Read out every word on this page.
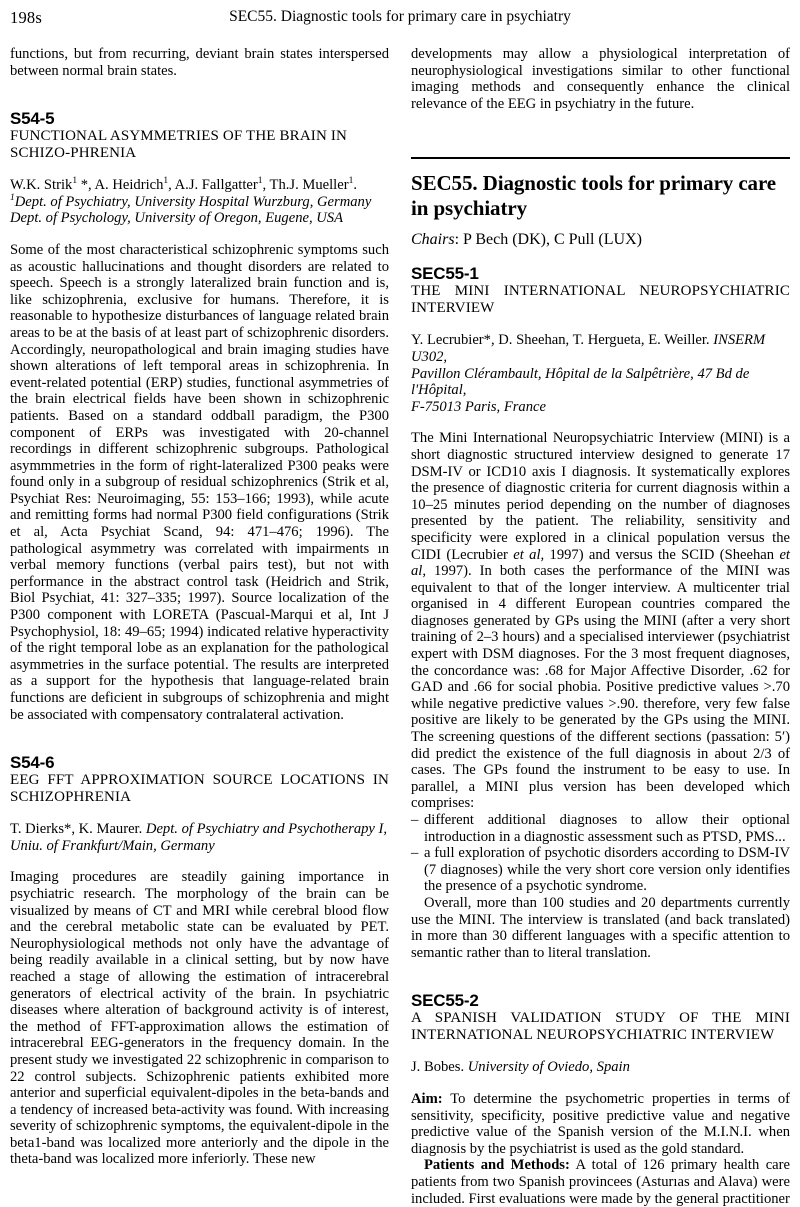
198s	SEC55. Diagnostic tools for primary care in psychiatry

functions, but from recurring, deviant brain states interspersed between normal brain states.

S54-5
FUNCTIONAL ASYMMETRIES OF THE BRAIN IN SCHIZO-PHRENIA
W.K. Strik$^1$ *, A. Heidrich$^1$, A.J. Fallgatter$^1$, Th.J. Mueller$^1$. $^1$Dept. of Psychiatry, University Hospital Wurzburg, Germany
Dept. of Psychology, University of Oregon, Eugene, USA

Some of the most characteristical schizophrenic symptoms such as acoustic hallucinations and thought disorders are related to speech. Speech is a strongly lateralized brain function and is, like schizophrenia, exclusive for humans. Therefore, it is reasonable to hypothesize disturbances of language related brain areas to be at the basis of at least part of schizophrenic disorders. Accordingly, neuropathological and brain imaging studies have shown alterations of left temporal areas in schizophrenia. In event-related potential (ERP) studies, functional asymmetries of the brain electrical fields have been shown in schizophrenic patients. Based on a standard oddball paradigm, the P300 component of ERPs was investigated with 20-channel recordings in different schizophrenic subgroups. Pathological asymmmetries in the form of right-lateralized P300 peaks were found only in a subgroup of residual schizophrenics (Strik et al, Psychiat Res: Neuroimaging, 55: 153–166; 1993), while acute and remitting forms had normal P300 field configurations (Strik et al, Acta Psychiat Scand, 94: 471–476; 1996). The pathological asymmetry was correlated with impairments ın verbal memory functions (verbal pairs test), but not with performance in the abstract control task (Heidrich and Strik, Biol Psychiat, 41: 327–335; 1997). Source localization of the P300 component with LORETA (Pascual-Marqui et al, Int J Psychophysiol, 18: 49–65; 1994) indicated relative hyperactivity of the right temporal lobe as an explanation for the pathological asymmetries in the surface potential. The results are interpreted as a support for the hypothesis that language-related brain functions are deficient in subgroups of schizophrenia and might be associated with compensatory contralateral activation.

S54-6
EEG FFT APPROXIMATION SOURCE LOCATIONS IN SCHIZOPHRENIA
T. Dierks*, K. Maurer. Dept. of Psychiatry and Psychotherapy I,
Uniu. of Frankfurt/Main, Germany

Imaging procedures are steadily gaining importance in psychiatric research. The morphology of the brain can be visualized by means of CT and MRI while cerebral blood flow and the cerebral metabolic state can be evaluated by PET. Neurophysiological methods not only have the advantage of being readily available in a clinical setting, but by now have reached a stage of allowing the estimation of intracerebral generators of electrical activity of the brain. In psychiatric diseases where alteration of background activity is of interest, the method of FFT-approximation allows the estimation of intracerebral EEG-generators in the frequency domain. In the present study we investigated 22 schizophrenic in comparison to 22 control subjects. Schizophrenic patients exhibited more anterior and superficial equivalent-dipoles in the beta-bands and a tendency of increased beta-activity was found. With increasing severity of schizophrenic symptoms, the equivalent-dipole in the beta1-band was localized more anteriorly and the dipole in the theta-band was localized more inferiorly. These new

developments may allow a physiological interpretation of neurophysiological investigations similar to other functional imaging methods and consequently enhance the clinical relevance of the EEG in psychiatry in the future.

SEC55. Diagnostic tools for primary care in psychiatry
Chairs: P Bech (DK), C Pull (LUX)
SEC55-1
THE MINI INTERNATIONAL NEUROPSYCHIATRIC INTERVIEW
Y. Lecrubier*, D. Sheehan, T. Hergueta, E. Weiller. INSERM U302,
Pavillon Clérambault, Hôpital de la Salpêtrière, 47 Bd de l'Hôpital,
F-75013 Paris, France

The Mini International Neuropsychiatric Interview (MINI) is a short diagnostic structured interview designed to generate 17 DSM-IV or ICD10 axis I diagnosis. It systematically explores the presence of diagnostic criteria for current diagnosis within a 10–25 minutes period depending on the number of diagnoses presented by the patient. The reliability, sensitivity and specificity were explored in a clinical population versus the CIDI (Lecrubier et al, 1997) and versus the SCID (Sheehan et al, 1997). In both cases the performance of the MINI was equivalent to that of the longer interview. A multicenter trial organised in 4 different European countries compared the diagnoses generated by GPs using the MINI (after a very short training of 2–3 hours) and a specialised interviewer (psychiatrist expert with DSM diagnoses. For the 3 most frequent diagnoses, the concordance was: .68 for Major Affective Disorder, .62 for GAD and .66 for social phobia. Positive predictive values >.70 while negative predictive values >.90. therefore, very few false positive are likely to be generated by the GPs using the MINI. The screening questions of the different sections (passation: 5′) did predict the existence of the full diagnosis in about 2/3 of cases. The GPs found the instrument to be easy to use. In parallel, a MINI plus version has been developed which comprises:

– different additional diagnoses to allow their optional introduction in a diagnostic assessment such as PTSD, PMS...
– a full exploration of psychotic disorders according to DSM-IV (7 diagnoses) while the very short core version only identifies the presence of a psychotic syndrome.

Overall, more than 100 studies and 20 departments currently use the MINI. The interview is translated (and back translated) in more than 30 different languages with a specific attention to semantic rather than to literal translation.

SEC55-2
A SPANISH VALIDATION STUDY OF THE MINI INTERNATIONAL NEUROPSYCHIATRIC INTERVIEW
J. Bobes. University of Oviedo, Spain

Aim: To determine the psychometric properties in terms of sensitivity, specificity, positive predictive value and negative predictive value of the Spanish version of the M.I.N.I. when diagnosis by the psychiatrist is used as the gold standard.

Patients and Methods: A total of 126 primary health care patients from two Spanish provincees (Asturıas and Alava) were included. First evaluations were made by the general practitioner
